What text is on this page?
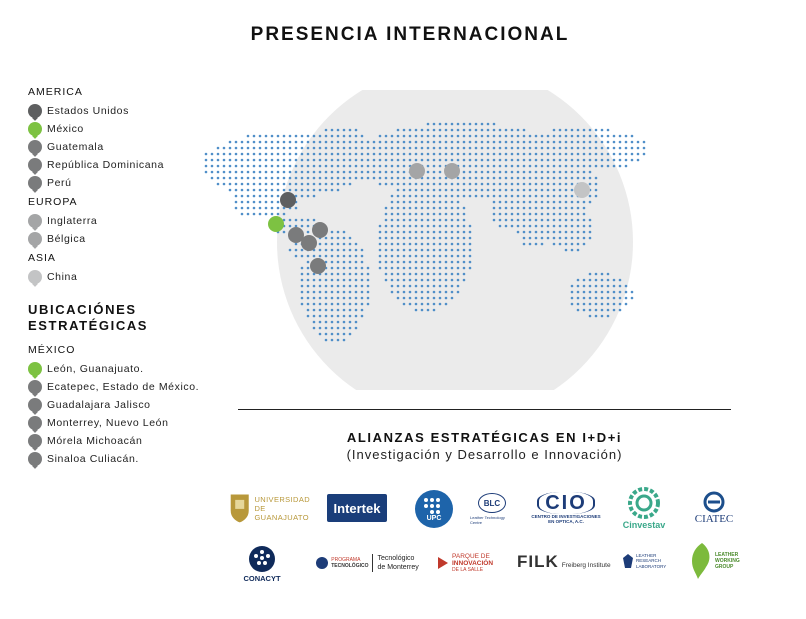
PRESENCIA INTERNACIONAL
AMERICA
Estados Unidos
México
Guatemala
República Dominicana
Perú
EUROPA
Inglaterra
Bélgica
ASIA
China
UBICACIÓNES
ESTRATÉGICAS
MÉXICO
León, Guanajuato.
Ecatepec, Estado de México.
Guadalajara Jalisco
Monterrey, Nuevo León
Mórela Michoacán
Sinaloa Culiacán.
ALIANZAS ESTRATÉGICAS EN I+D+i
(Investigación y Desarrollo e Innovación)
UNIVERSIDAD
DE GUANAJUATO
Intertek
UPC
BLC
Leather Technology Centre
CIO
CENTRO DE INVESTIGACIONES
EN OPTICA, A.C.	Cinvestav	CIATEC
CONACYT
PROGRAMA
TECNOLÓGICO
Tecnológico
de Monterrey
PARQUE DE
INNOVACIÓN
DE LA SALLE	FILK Freiberg Institute
LEATHER
RESEARCH
LABORATORY
LEATHER
WORKING
GROUP
